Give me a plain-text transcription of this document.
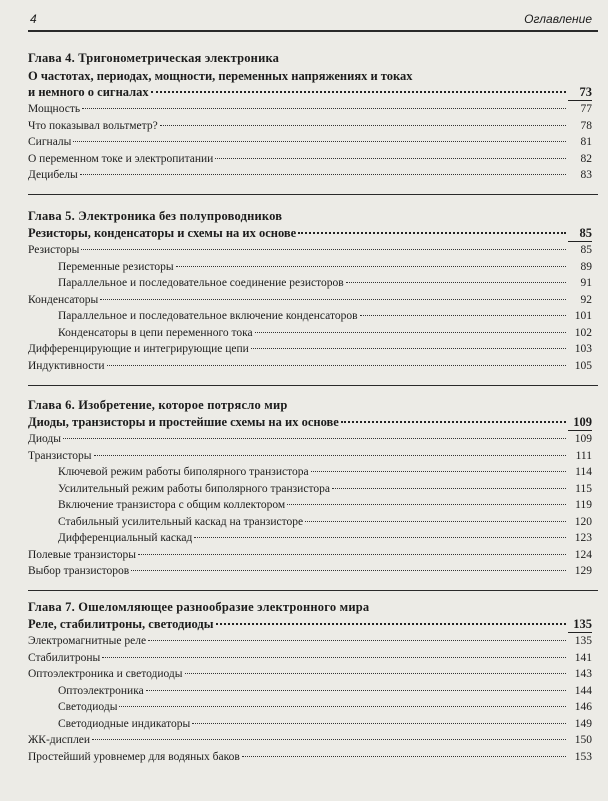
4	Оглавление
Глава 4. Тригонометрическая электроника
О частотах, периодах, мощности, переменных напряжениях и токах
и немного о сигналах	73
Мощность	77
Что показывал вольтметр?	78
Сигналы	81
О переменном токе и электропитании	82
Децибелы	83
Глава 5. Электроника без полупроводников
Резисторы, конденсаторы и схемы на их основе	85
Резисторы	85
Переменные резисторы	89
Параллельное и последовательное соединение резисторов	91
Конденсаторы	92
Параллельное и последовательное включение конденсаторов	101
Конденсаторы в цепи переменного тока	102
Дифференцирующие и интегрирующие цепи	103
Индуктивности	105
Глава 6. Изобретение, которое потрясло мир
Диоды, транзисторы и простейшие схемы на их основе	109
Диоды	109
Транзисторы	111
Ключевой режим работы биполярного транзистора	114
Усилительный режим работы биполярного транзистора	115
Включение транзистора с общим коллектором	119
Стабильный усилительный каскад на транзисторе	120
Дифференциальный каскад	123
Полевые транзисторы	124
Выбор транзисторов	129
Глава 7. Ошеломляющее разнообразие электронного мира
Реле, стабилитроны, светодиоды	135
Электромагнитные реле	135
Стабилитроны	141
Оптоэлектроника и светодиоды	143
Оптоэлектроника	144
Светодиоды	146
Светодиодные индикаторы	149
ЖК-дисплеи	150
Простейший уровнемер для водяных баков	153
